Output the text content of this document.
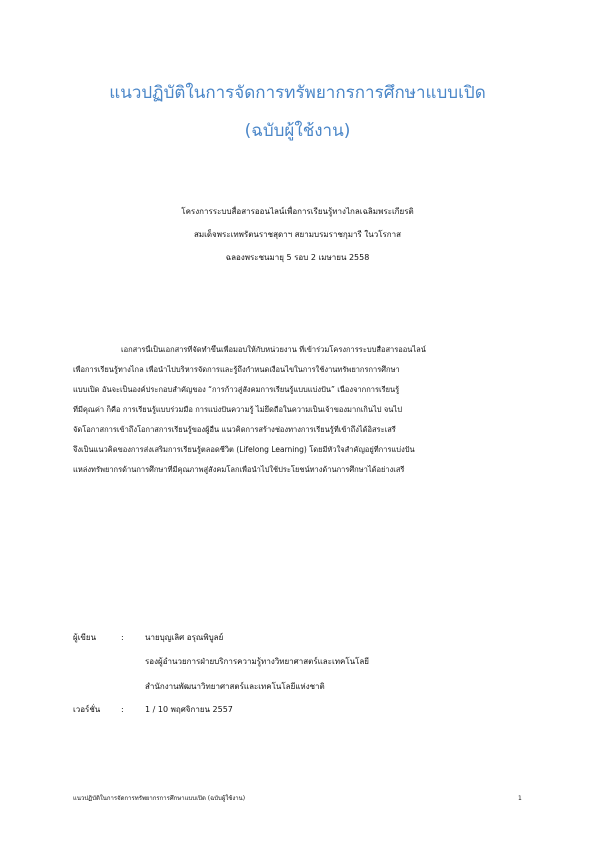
แนวปฏิบัติในการจัดการทรัพยากรการศึกษาแบบเปิด
(ฉบับผู้ใช้งาน)
โครงการระบบสื่อสารออนไลน์เพื่อการเรียนรู้ทางไกลเฉลิมพระเกียรติ
สมเด็จพระเทพรัตนราชสุดาฯ สยามบรมราชกุมารี ในวโรกาส
ฉลองพระชนมายุ 5 รอบ 2 เมษายน 2558
เอกสารนี้เป็นเอกสารที่จัดทำขึ้นเพื่อมอบให้กับหน่วยงาน ที่เข้าร่วมโครงการระบบสื่อสารออนไลน์
เพื่อการเรียนรู้ทางไกล เพื่อนำไปบริหารจัดการและรู้ถึงกำหนดเงื่อนไขในการใช้งานทรัพยากรการศึกษา
แบบเปิด อันจะเป็นองค์ประกอบสำคัญของ “การก้าวสู่สังคมการเรียนรู้แบบแบ่งปัน” เนื่องจากการเรียนรู้
ที่มีคุณค่า ก็คือ การเรียนรู้แบบร่วมมือ การแบ่งปันความรู้ ไม่ยึดถือในความเป็นเจ้าของมากเกินไป จนไป
จัดโอกาสการเข้าถึงโอกาสการเรียนรู้ของผู้อื่น แนวคิดการสร้างช่องทางการเรียนรู้ที่เข้าถึงได้อิสระเสรี
จึงเป็นแนวคิดของการส่งเสริมการเรียนรู้ตลอดชีวิต (Lifelong Learning) โดยมีหัวใจสำคัญอยู่ที่การแบ่งปัน
แหล่งทรัพยากรด้านการศึกษาที่มีคุณภาพสู่สังคมโลกเพื่อนำไปใช้ประโยชน์ทางด้านการศึกษาได้อย่างเสรี
ผู้เขียน	:	นายบุญเลิศ อรุณพิบูลย์
รองผู้อำนวยการฝ่ายบริการความรู้ทางวิทยาศาสตร์และเทคโนโลยี
สำนักงานพัฒนาวิทยาศาสตร์และเทคโนโลยีแห่งชาติ
เวอร์ชั่น	:	1 / 10 พฤศจิกายน 2557
แนวปฏิบัติในการจัดการทรัพยากรการศึกษาแบบเปิด (ฉบับผู้ใช้งาน)	1
